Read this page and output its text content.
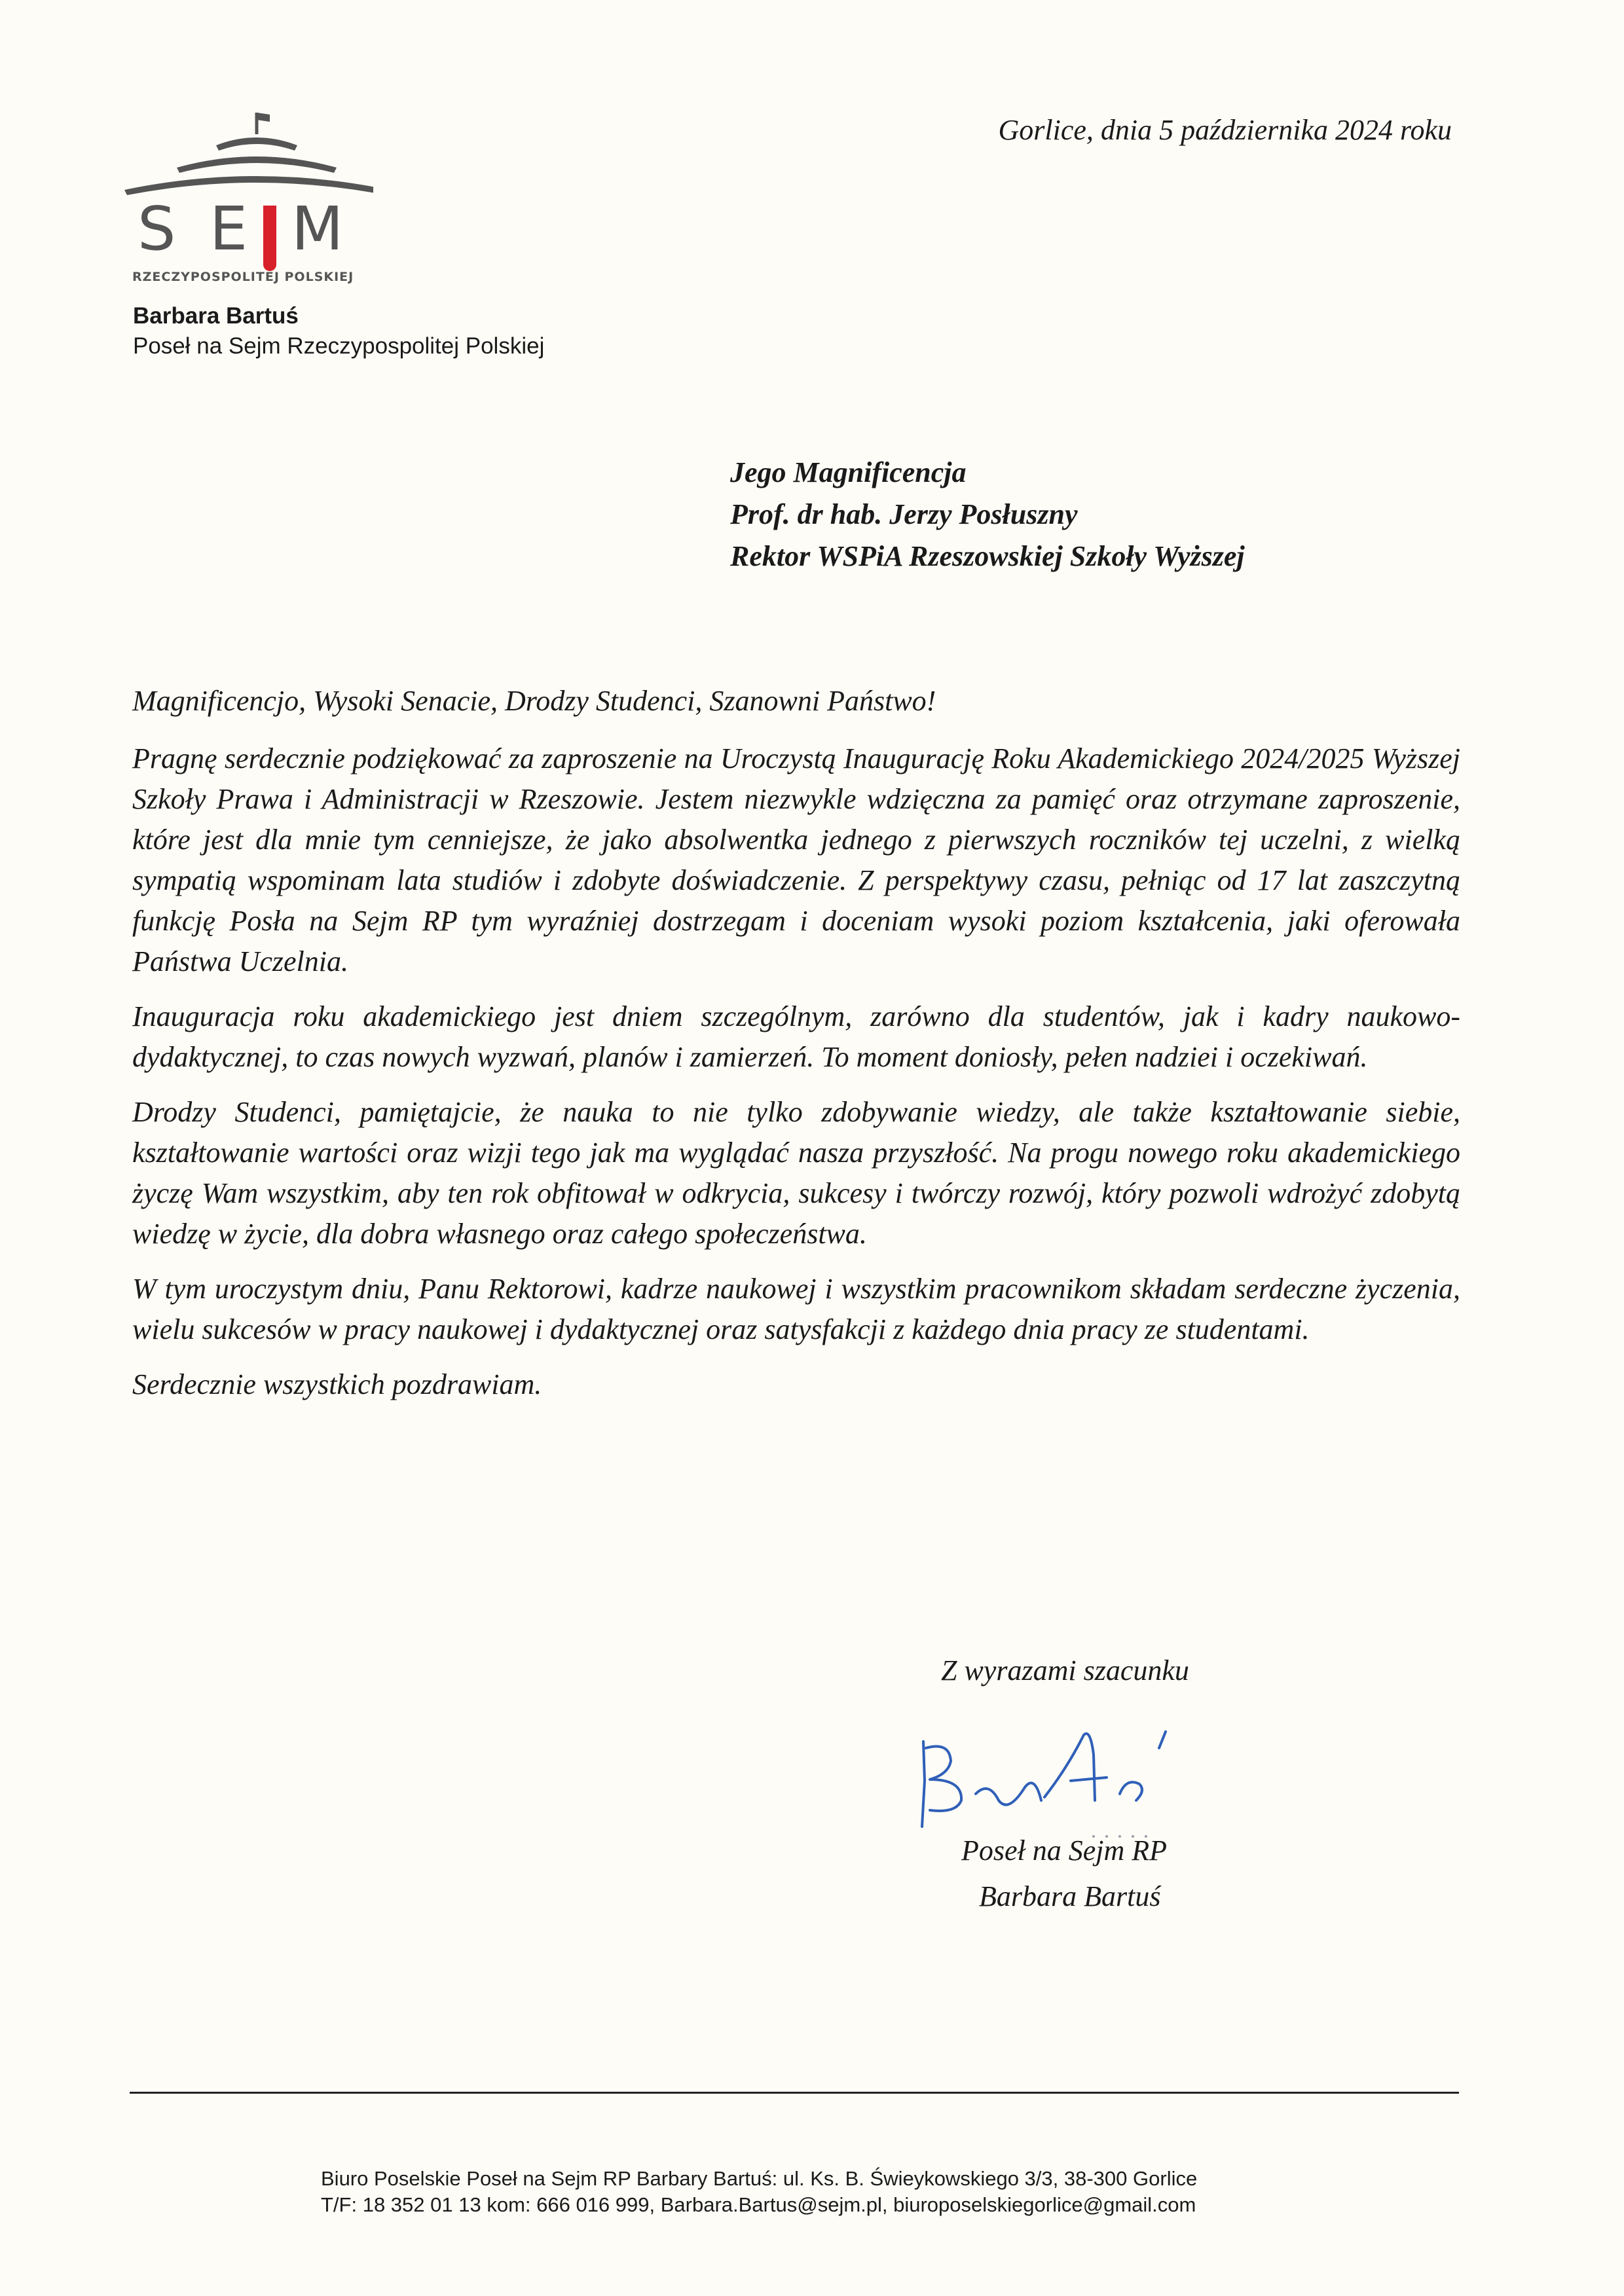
S E M
RZECZYPOSPOLITEJ POLSKIEJ
Barbara Bartuś
Poseł na Sejm Rzeczypospolitej Polskiej
Gorlice, dnia 5 października 2024 roku
Jego Magnificencja
Prof. dr hab. Jerzy Posłuszny
Rektor WSPiA Rzeszowskiej Szkoły Wyższej

Magnificencjo, Wysoki Senacie, Drodzy Studenci, Szanowni Państwo!

Pragnę serdecznie podziękować za zaproszenie na Uroczystą Inaugurację Roku Akademickiego 2024/2025 Wyższej Szkoły Prawa i Administracji w Rzeszowie. Jestem niezwykle wdzięczna za pamięć oraz otrzymane zaproszenie, które jest dla mnie tym cenniejsze, że jako absolwentka jednego z pierwszych roczników tej uczelni, z wielką sympatią wspominam lata studiów i zdobyte doświadczenie. Z perspektywy czasu, pełniąc od 17 lat zaszczytną funkcję Posła na Sejm RP tym wyraźniej dostrzegam i doceniam wysoki poziom kształcenia, jaki oferowała Państwa Uczelnia.

Inauguracja roku akademickiego jest dniem szczególnym, zarówno dla studentów, jak i kadry naukowo-dydaktycznej, to czas nowych wyzwań, planów i zamierzeń. To moment doniosły, pełen nadziei i oczekiwań.

Drodzy Studenci, pamiętajcie, że nauka to nie tylko zdobywanie wiedzy, ale także kształtowanie siebie, kształtowanie wartości oraz wizji tego jak ma wyglądać nasza przyszłość. Na progu nowego roku akademickiego życzę Wam wszystkim, aby ten rok obfitował w odkrycia, sukcesy i twórczy rozwój, który pozwoli wdrożyć zdobytą wiedzę w życie, dla dobra własnego oraz całego społeczeństwa.

W tym uroczystym dniu, Panu Rektorowi, kadrze naukowej i wszystkim pracownikom składam serdeczne życzenia, wielu sukcesów w pracy naukowej i dydaktycznej oraz satysfakcji z każdego dnia pracy ze studentami.

Serdecznie wszystkich pozdrawiam.

Z wyrazami szacunku
Poseł na Sejm RP
Barbara Bartuś
Biuro Poselskie Poseł na Sejm RP Barbary Bartuś: ul. Ks. B. Świeykowskiego 3/3, 38-300 Gorlice
T/F: 18 352 01 13 kom: 666 016 999, Barbara.Bartus@sejm.pl, biuroposelskiegorlice@gmail.com
